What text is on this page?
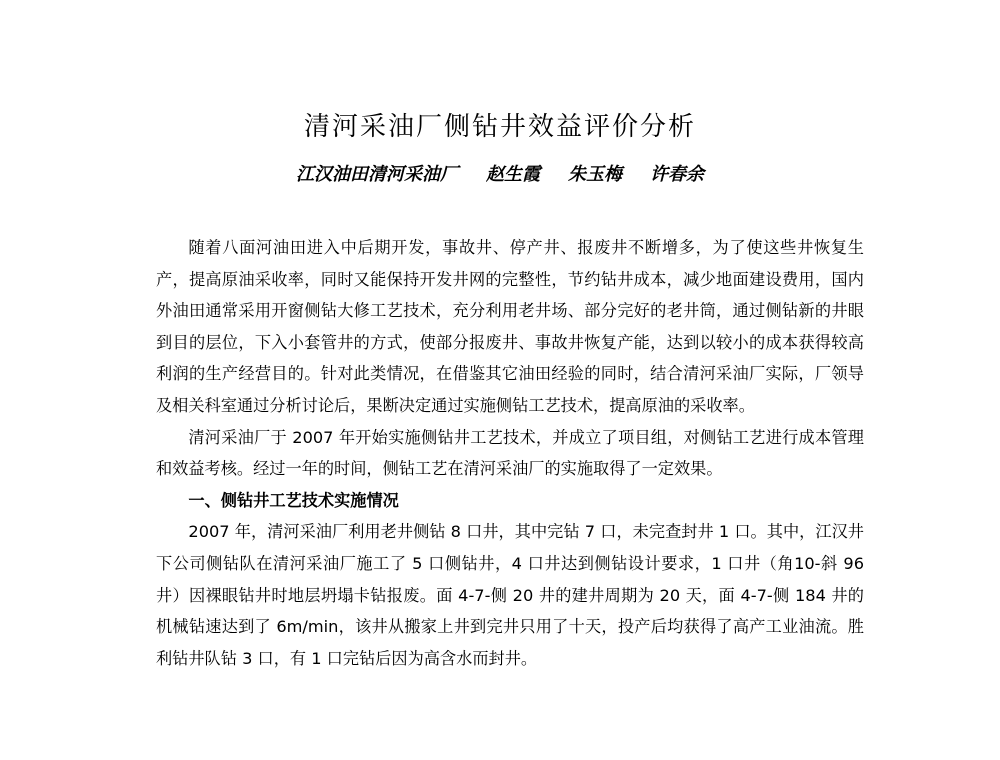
清河采油厂侧钻井效益评价分析
江汉油田清河采油厂 赵生霞 朱玉梅 许春余

随着八面河油田进入中后期开发，事故井、停产井、报废井不断增多，为了使这些井恢复生产，提高原油采收率，同时又能保持开发井网的完整性，节约钻井成本，减少地面建设费用，国内外油田通常采用开窗侧钻大修工艺技术，充分利用老井场、部分完好的老井筒，通过侧钻新的井眼到目的层位，下入小套管井的方式，使部分报废井、事故井恢复产能，达到以较小的成本获得较高利润的生产经营目的。针对此类情况，在借鉴其它油田经验的同时，结合清河采油厂实际，厂领导及相关科室通过分析讨论后，果断决定通过实施侧钻工艺技术，提高原油的采收率。

清河采油厂于 2007 年开始实施侧钻井工艺技术，并成立了项目组，对侧钻工艺进行成本管理和效益考核。经过一年的时间，侧钻工艺在清河采油厂的实施取得了一定效果。

一、侧钻井工艺技术实施情况

2007 年，清河采油厂利用老井侧钻 8 口井，其中完钻 7 口，未完查封井 1 口。其中，江汉井下公司侧钻队在清河采油厂施工了 5 口侧钻井，4 口井达到侧钻设计要求，1 口井（角10-斜 96 井）因裸眼钻井时地层坍塌卡钻报废。面 4-7-侧 20 井的建井周期为 20 天，面 4-7-侧 184 井的机械钻速达到了 6m/min，该井从搬家上井到完井只用了十天，投产后均获得了高产工业油流。胜利钻井队钻 3 口，有 1 口完钻后因为高含水而封井。
